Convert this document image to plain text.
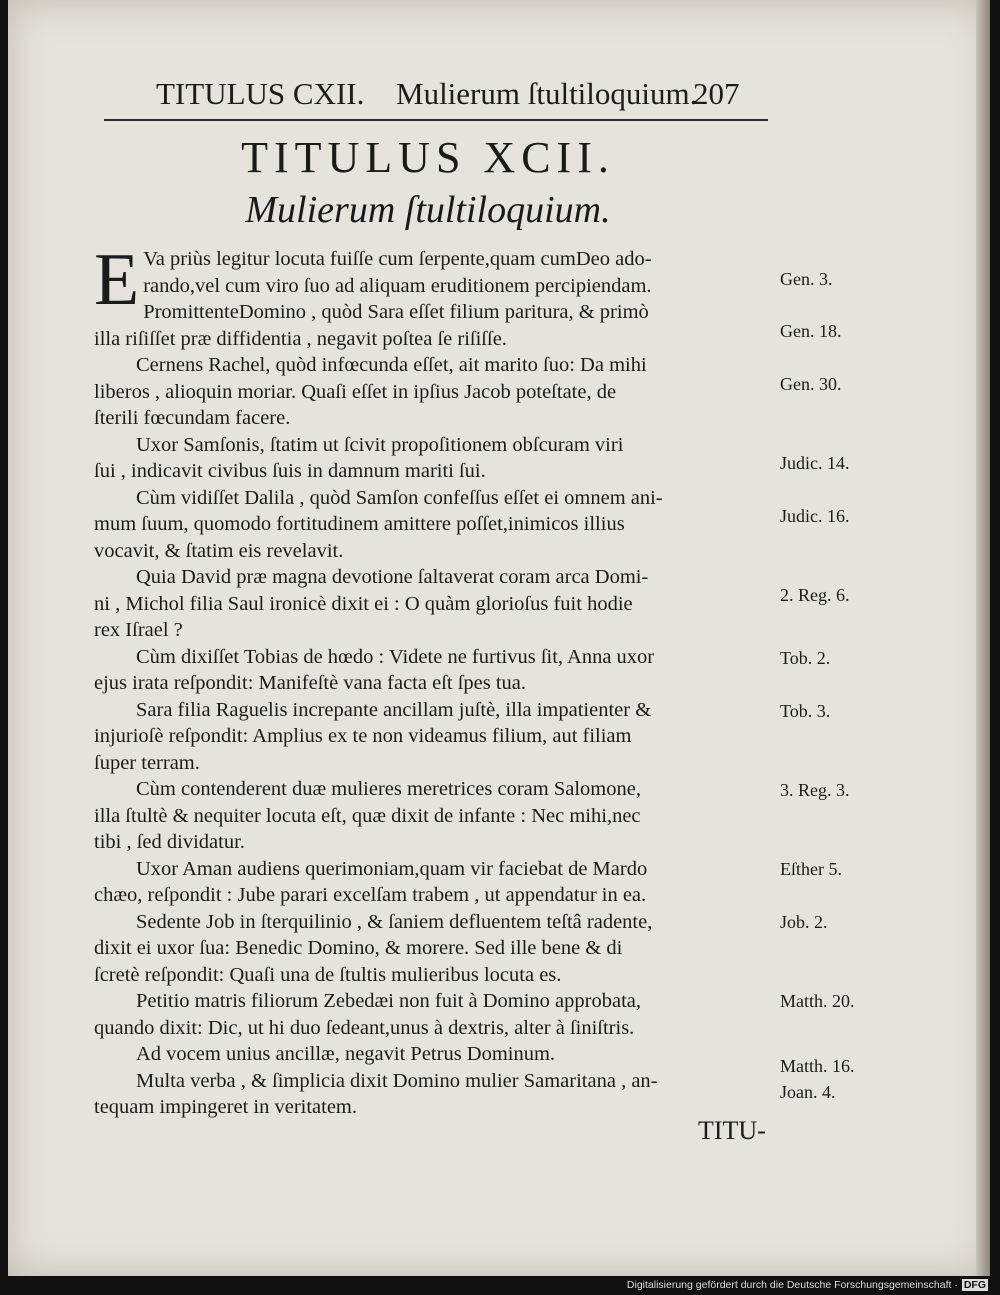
TITULUS CXII. Mulierum ſtultiloquium.
207
TITULUS XCII.
Mulierum ſtultiloquium.
E Va priùs legitur locuta fuiſſe cum ſerpente,quam cumDeo ado-
rando,vel cum viro ſuo ad aliquam eruditionem percipiendam.
PromittenteDomino , quòd Sara eſſet filium paritura, & primò
illa riſiſſet præ diffidentia , negavit poſtea ſe riſiſſe.
Cernens Rachel, quòd infœcunda eſſet, ait marito ſuo: Da mihi
liberos , alioquin moriar. Quaſi eſſet in ipſius Jacob poteſtate, de
ſterili fœcundam facere.
Uxor Samſonis, ſtatim ut ſcivit propoſitionem obſcuram viri
ſui , indicavit civibus ſuis in damnum mariti ſui.
Cùm vidiſſet Dalila , quòd Samſon confeſſus eſſet ei omnem ani-
mum ſuum, quomodo fortitudinem amittere poſſet,inimicos illius
vocavit, & ſtatim eis revelavit.
Quia David præ magna devotione ſaltaverat coram arca Domi-
ni , Michol filia Saul ironicè dixit ei : O quàm glorioſus fuit hodie
rex Iſrael ?
Cùm dixiſſet Tobias de hœdo : Videte ne furtivus ſit, Anna uxor
ejus irata reſpondit: Manifeſtè vana facta eſt ſpes tua.
Sara filia Raguelis increpante ancillam juſtè, illa impatienter &
injurioſè reſpondit: Amplius ex te non videamus filium, aut filiam
ſuper terram.
Cùm contenderent duæ mulieres meretrices coram Salomone,
illa ſtultè & nequiter locuta eſt, quæ dixit de infante : Nec mihi,nec
tibi , ſed dividatur.
Uxor Aman audiens querimoniam,quam vir faciebat de Mardo
chæo, reſpondit : Jube parari excelſam trabem , ut appendatur in ea.
Sedente Job in ſterquilinio , & ſaniem defluentem teſtâ radente,
dixit ei uxor ſua: Benedic Domino, & morere. Sed ille bene & di
ſcretè reſpondit: Quaſi una de ſtultis mulieribus locuta es.
Petitio matris filiorum Zebedæi non fuit à Domino approbata,
quando dixit: Dic, ut hi duo ſedeant,unus à dextris, alter à ſiniſtris.
Ad vocem unius ancillæ, negavit Petrus Dominum.
Multa verba , & ſimplicia dixit Domino mulier Samaritana , an-
tequam impingeret in veritatem.
Gen. 3.
Gen. 18.
Gen. 30.
Judic. 14.
Judic. 16.
2. Reg. 6.
Tob. 2.
Tob. 3.
3. Reg. 3.
Eſther 5.
Job. 2.
Matth. 20.
Matth. 16.
Joan. 4.
TITU-
Digitalisierung gefördert durch die Deutsche Forschungsgemeinschaft · DFG
